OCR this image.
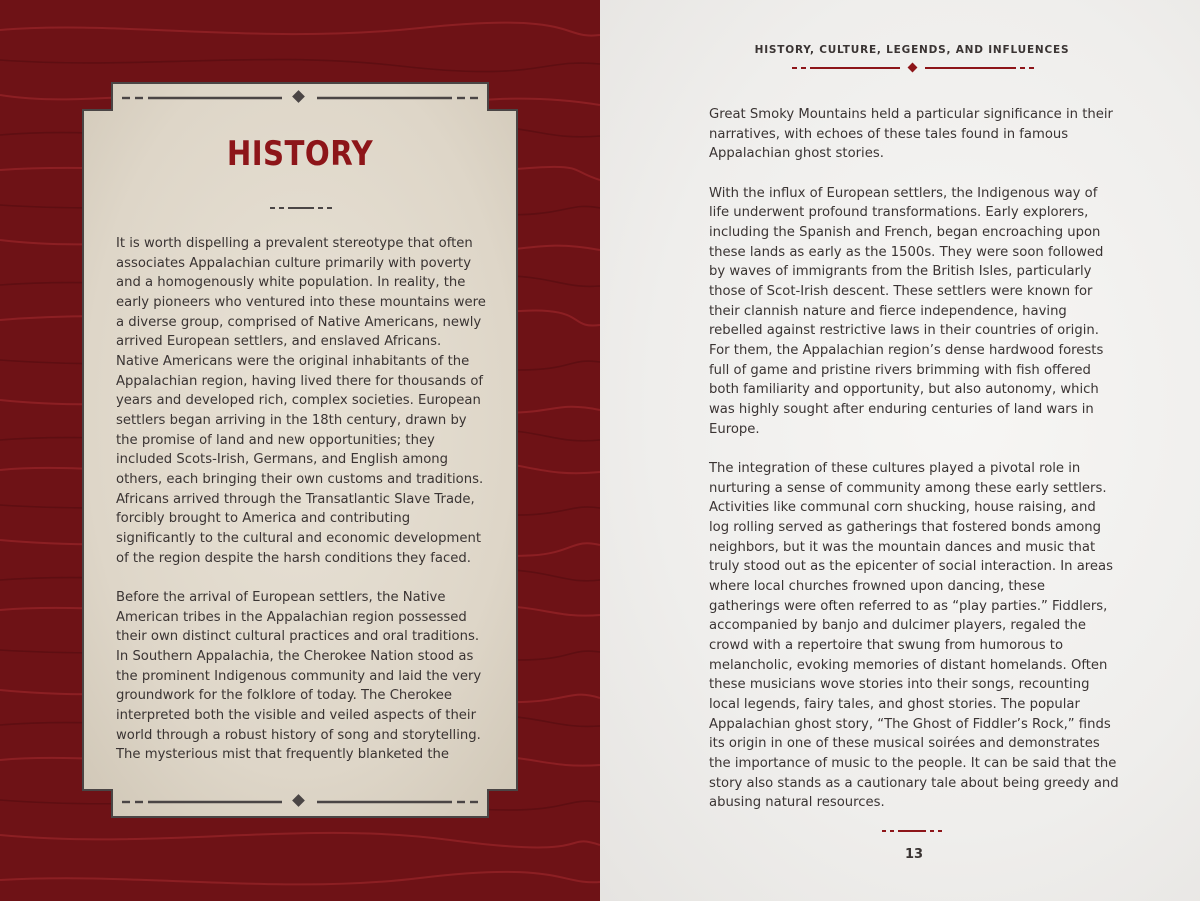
HISTORY

It is worth dispelling a prevalent stereotype that often associates Appalachian culture primarily with poverty and a homogenously white population. In reality, the early pioneers who ventured into these mountains were a diverse group, comprised of Native Americans, newly arrived European settlers, and enslaved Africans. Native Americans were the original inhabitants of the Appalachian region, having lived there for thousands of years and developed rich, complex societies. European settlers began arriving in the 18th century, drawn by the promise of land and new opportunities; they included Scots-Irish, Germans, and English among others, each bringing their own customs and traditions. Africans arrived through the Transatlantic Slave Trade, forcibly brought to America and contributing significantly to the cultural and economic development of the region despite the harsh conditions they faced.

Before the arrival of European settlers, the Native American tribes in the Appalachian region possessed their own distinct cultural practices and oral traditions. In Southern Appalachia, the Cherokee Nation stood as the prominent Indigenous community and laid the very groundwork for the folklore of today. The Cherokee interpreted both the visible and veiled aspects of their world through a robust history of song and storytelling. The mysterious mist that frequently blanketed the

HISTORY, CULTURE, LEGENDS, AND INFLUENCES

Great Smoky Mountains held a particular significance in their narratives, with echoes of these tales found in famous Appalachian ghost stories.

With the influx of European settlers, the Indigenous way of life underwent profound transformations. Early explorers, including the Spanish and French, began encroaching upon these lands as early as the 1500s. They were soon followed by waves of immigrants from the British Isles, particularly those of Scot-Irish descent. These settlers were known for their clannish nature and fierce independence, having rebelled against restrictive laws in their countries of origin. For them, the Appalachian region’s dense hardwood forests full of game and pristine rivers brimming with fish offered both familiarity and opportunity, but also autonomy, which was highly sought after enduring centuries of land wars in Europe.

The integration of these cultures played a pivotal role in nurturing a sense of community among these early settlers. Activities like communal corn shucking, house raising, and log rolling served as gatherings that fostered bonds among neighbors, but it was the mountain dances and music that truly stood out as the epicenter of social interaction. In areas where local churches frowned upon dancing, these gatherings were often referred to as “play parties.” Fiddlers, accompanied by banjo and dulcimer players, regaled the crowd with a repertoire that swung from humorous to melancholic, evoking memories of distant homelands. Often these musicians wove stories into their songs, recounting local legends, fairy tales, and ghost stories. The popular Appalachian ghost story, “The Ghost of Fiddler’s Rock,” finds its origin in one of these musical soirées and demonstrates the importance of music to the people. It can be said that the story also stands as a cautionary tale about being greedy and abusing natural resources.

13
